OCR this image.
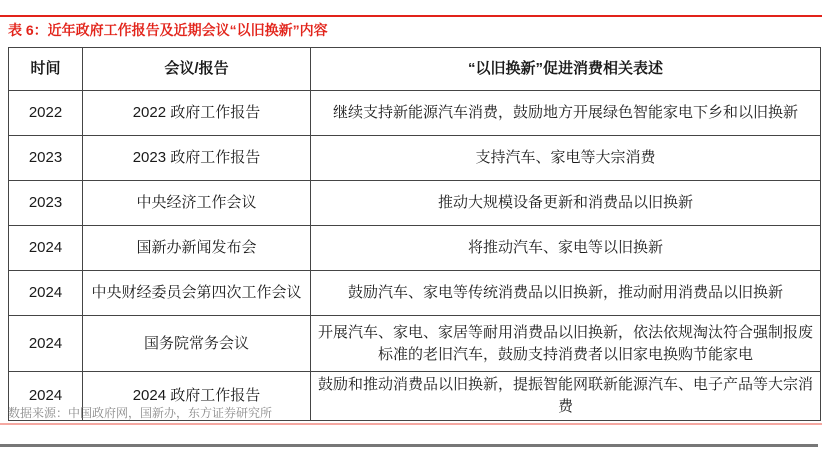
表 6：近年政府工作报告及近期会议“以旧换新”内容
时间	会议/报告	“以旧换新”促进消费相关表述
2022	2022 政府工作报告	继续支持新能源汽车消费，鼓励地方开展绿色智能家电下乡和以旧换新
2023	2023 政府工作报告	支持汽车、家电等大宗消费
2023	中央经济工作会议	推动大规模设备更新和消费品以旧换新
2024	国新办新闻发布会	将推动汽车、家电等以旧换新
2024	中央财经委员会第四次工作会议	鼓励汽车、家电等传统消费品以旧换新，推动耐用消费品以旧换新
2024	国务院常务会议	开展汽车、家电、家居等耐用消费品以旧换新，依法依规淘汰符合强制报废标准的老旧汽车，鼓励支持消费者以旧家电换购节能家电
2024	2024 政府工作报告	鼓励和推动消费品以旧换新，提振智能网联新能源汽车、电子产品等大宗消费
数据来源：中国政府网，国新办，东方证券研究所
